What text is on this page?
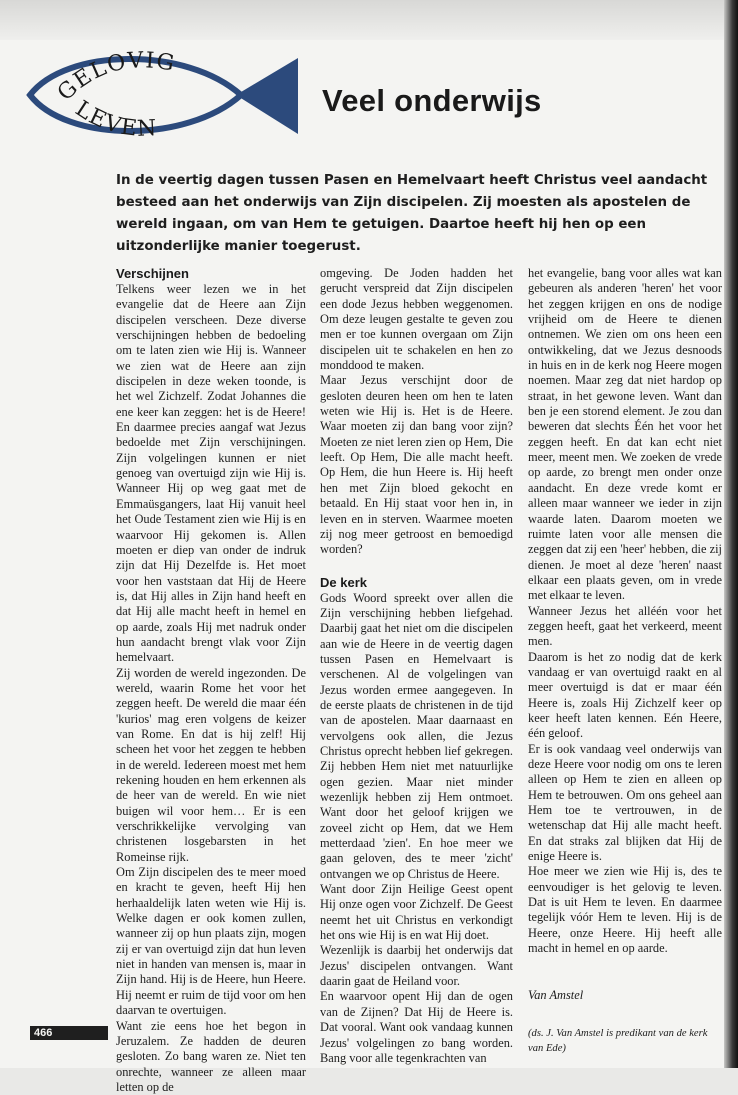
GELOVIG
LEVEN
Veel onderwijs

In de veertig dagen tussen Pasen en Hemelvaart heeft Christus veel aandacht besteed aan het onderwijs van Zijn discipelen. Zij moesten als apostelen de wereld ingaan, om van Hem te getuigen. Daartoe heeft hij hen op een uitzonderlijke manier toegerust.

Verschijnen

Telkens weer lezen we in het evangelie dat de Heere aan Zijn discipelen verscheen. Deze diverse verschijningen hebben de bedoeling om te laten zien wie Hij is. Wanneer we zien wat de Heere aan zijn discipelen in deze weken toonde, is het wel Zichzelf. Zodat Johannes die ene keer kan zeggen: het is de Heere! En daarmee precies aangaf wat Jezus bedoelde met Zijn verschijningen. Zijn volgelingen kunnen er niet genoeg van overtuigd zijn wie Hij is. Wanneer Hij op weg gaat met de Emmaüsgangers, laat Hij vanuit heel het Oude Testament zien wie Hij is en waarvoor Hij gekomen is. Allen moeten er diep van onder de indruk zijn dat Hij Dezelfde is. Het moet voor hen vaststaan dat Hij de Heere is, dat Hij alles in Zijn hand heeft en dat Hij alle macht heeft in hemel en op aarde, zoals Hij met nadruk onder hun aandacht brengt vlak voor Zijn hemelvaart.

Zij worden de wereld ingezonden. De wereld, waarin Rome het voor het zeggen heeft. De wereld die maar één 'kurios' mag eren volgens de keizer van Rome. En dat is hij zelf! Hij scheen het voor het zeggen te hebben in de wereld. Iedereen moest met hem rekening houden en hem erkennen als de heer van de wereld. En wie niet buigen wil voor hem… Er is een verschrikkelijke vervolging van christenen losgebarsten in het Romeinse rijk.

Om Zijn discipelen des te meer moed en kracht te geven, heeft Hij hen herhaaldelijk laten weten wie Hij is. Welke dagen er ook komen zullen, wanneer zij op hun plaats zijn, mogen zij er van overtuigd zijn dat hun leven niet in handen van mensen is, maar in Zijn hand. Hij is de Heere, hun Heere. Hij neemt er ruim de tijd voor om hen daarvan te overtuigen.

Want zie eens hoe het begon in Jeruzalem. Ze hadden de deuren gesloten. Zo bang waren ze. Niet ten onrechte, wanneer ze alleen maar letten op de

omgeving. De Joden hadden het gerucht verspreid dat Zijn discipelen een dode Jezus hebben weggenomen. Om deze leugen gestalte te geven zou men er toe kunnen overgaan om Zijn discipelen uit te schakelen en hen zo monddood te maken.

Maar Jezus verschijnt door de gesloten deuren heen om hen te laten weten wie Hij is. Het is de Heere. Waar moeten zij dan bang voor zijn? Moeten ze niet leren zien op Hem, Die leeft. Op Hem, Die alle macht heeft. Op Hem, die hun Heere is. Hij heeft hen met Zijn bloed gekocht en betaald. En Hij staat voor hen in, in leven en in sterven. Waarmee moeten zij nog meer getroost en bemoedigd worden?

De kerk

Gods Woord spreekt over allen die Zijn verschijning hebben liefgehad. Daarbij gaat het niet om die discipelen aan wie de Heere in de veertig dagen tussen Pasen en Hemelvaart is verschenen. Al de volgelingen van Jezus worden ermee aangegeven. In de eerste plaats de christenen in de tijd van de apostelen. Maar daarnaast en vervolgens ook allen, die Jezus Christus oprecht hebben lief gekregen. Zij hebben Hem niet met natuurlijke ogen gezien. Maar niet minder wezenlijk hebben zij Hem ontmoet. Want door het geloof krijgen we zoveel zicht op Hem, dat we Hem metterdaad 'zien'. En hoe meer we gaan geloven, des te meer 'zicht' ontvangen we op Christus de Heere.

Want door Zijn Heilige Geest opent Hij onze ogen voor Zichzelf. De Geest neemt het uit Christus en verkondigt het ons wie Hij is en wat Hij doet.

Wezenlijk is daarbij het onderwijs dat Jezus' discipelen ontvangen. Want daarin gaat de Heiland voor.

En waarvoor opent Hij dan de ogen van de Zijnen? Dat Hij de Heere is. Dat vooral. Want ook vandaag kunnen Jezus' volgelingen zo bang worden. Bang voor alle tegenkrachten van

het evangelie, bang voor alles wat kan gebeuren als anderen 'heren' het voor het zeggen krijgen en ons de nodige vrijheid om de Heere te dienen ontnemen. We zien om ons heen een ontwikkeling, dat we Jezus desnoods in huis en in de kerk nog Heere mogen noemen. Maar zeg dat niet hardop op straat, in het gewone leven. Want dan ben je een storend element. Je zou dan beweren dat slechts Één het voor het zeggen heeft. En dat kan echt niet meer, meent men. We zoeken de vrede op aarde, zo brengt men onder onze aandacht. En deze vrede komt er alleen maar wanneer we ieder in zijn waarde laten. Daarom moeten we ruimte laten voor alle mensen die zeggen dat zij een 'heer' hebben, die zij dienen. Je moet al deze 'heren' naast elkaar een plaats geven, om in vrede met elkaar te leven.

Wanneer Jezus het alléén voor het zeggen heeft, gaat het verkeerd, meent men.

Daarom is het zo nodig dat de kerk vandaag er van overtuigd raakt en al meer overtuigd is dat er maar één Heere is, zoals Hij Zichzelf keer op keer heeft laten kennen. Eén Heere, één geloof.

Er is ook vandaag veel onderwijs van deze Heere voor nodig om ons te leren alleen op Hem te zien en alleen op Hem te betrouwen. Om ons geheel aan Hem toe te vertrouwen, in de wetenschap dat Hij alle macht heeft. En dat straks zal blijken dat Hij de enige Heere is.

Hoe meer we zien wie Hij is, des te eenvoudiger is het gelovig te leven. Dat is uit Hem te leven. En daarmee tegelijk vóór Hem te leven. Hij is de Heere, onze Heere. Hij heeft alle macht in hemel en op aarde.

Van Amstel

(ds. J. Van Amstel is predikant van de kerk van Ede)

466
